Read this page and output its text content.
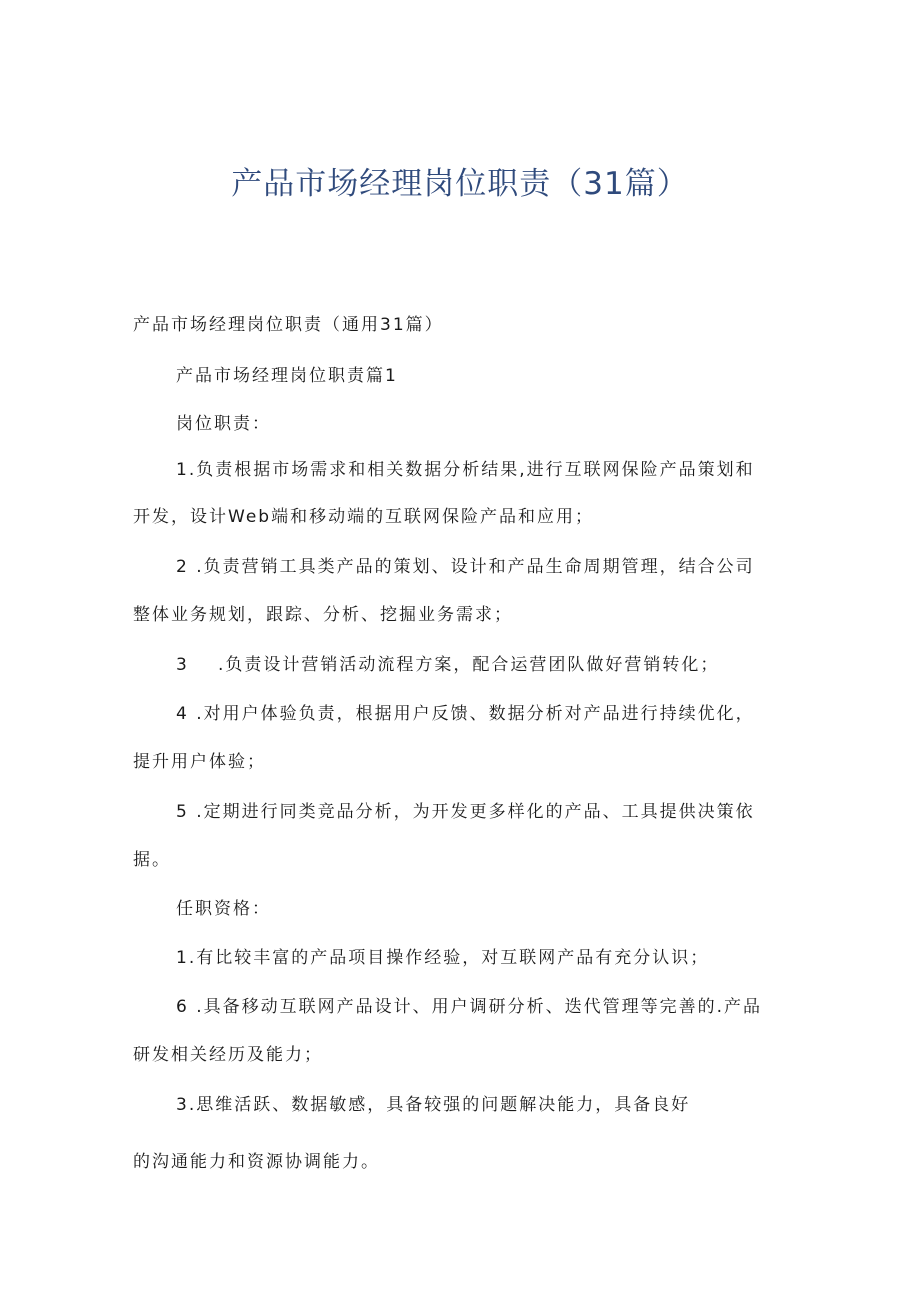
产品市场经理岗位职责（31篇）
产品市场经理岗位职责（通用31篇）
产品市场经理岗位职责篇1
岗位职责：
1.负责根据市场需求和相关数据分析结果,进行互联网保险产品策划和
开发，设计Web端和移动端的互联网保险产品和应用；
2 .负责营销工具类产品的策划、设计和产品生命周期管理，结合公司
整体业务规划，跟踪、分析、挖掘业务需求；
3 .负责设计营销活动流程方案，配合运营团队做好营销转化；
4 .对用户体验负责，根据用户反馈、数据分析对产品进行持续优化，
提升用户体验；
5 .定期进行同类竞品分析，为开发更多样化的产品、工具提供决策依
据。
任职资格：
1.有比较丰富的产品项目操作经验，对互联网产品有充分认识；
6 .具备移动互联网产品设计、用户调研分析、迭代管理等完善的.产品
研发相关经历及能力；
3.思维活跃、数据敏感，具备较强的问题解决能力，具备良好
的沟通能力和资源协调能力。
